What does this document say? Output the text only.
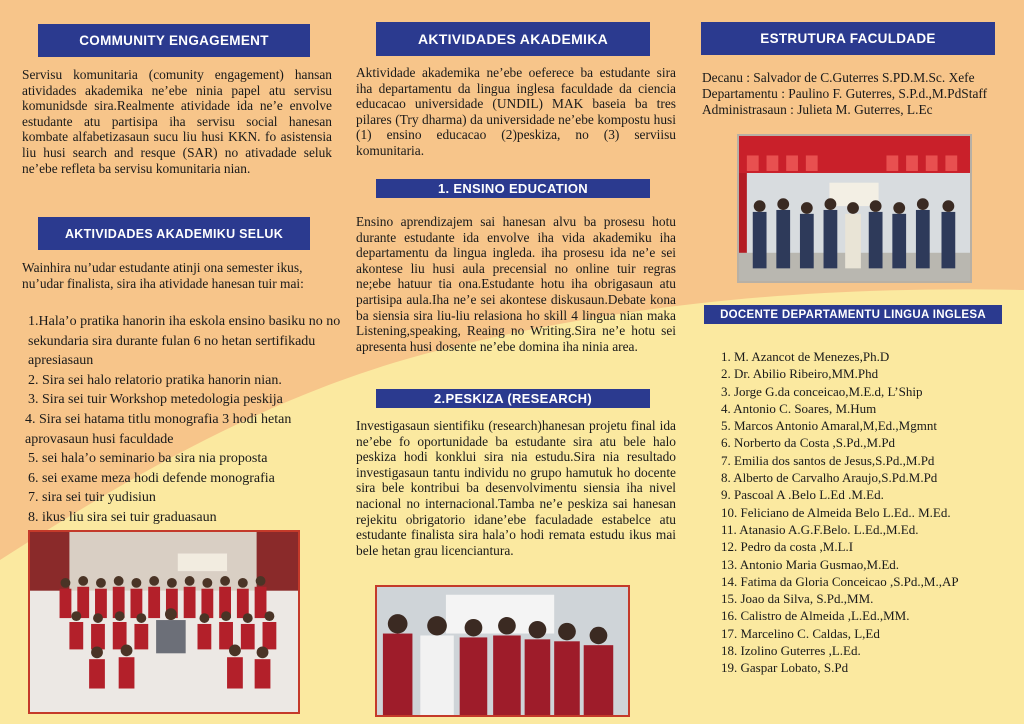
COMMUNITY ENGAGEMENT

Servisu komunitaria (comunity engagement) hansan atividades akademika ne’ebe ninia papel atu servisu komunidsde sira.Realmente atividade ida ne’e envolve estudante atu partisipa iha servisu social hanesan kombate alfabetizasaun sucu liu husi KKN. fo asistensia liu husi search and resque (SAR) no ativadade seluk ne’ebe refleta ba servisu komunitaria nian.

AKTIVIDADES AKADEMIKU SELUK

Wainhira nu’udar estudante atinji ona semester ikus, nu’udar finalista, sira iha atividade hanesan tuir mai:

1.Hala’o pratika hanorin iha eskola ensino basiku no no sekundaria sira durante fulan 6 no hetan sertifikadu apresiasaun
2. Sira sei halo relatorio pratika hanorin nian.
3. Sira sei tuir Workshop metedologia peskija
4. Sira sei hatama titlu monografia 3 hodi hetan aprovasaun husi faculdade
5. sei hala’o seminario ba sira nia proposta
6. sei exame meza hodi defende monografia
7. sira sei tuir yudisiun
8. ikus liu sira sei tuir graduasaun
AKTIVIDADES AKADEMIKA

Aktividade akademika ne’ebe oeferece ba estudante sira iha departamentu da lingua inglesa faculdade da ciencia educacao universidade (UNDIL) MAK baseia ba tres pilares (Try dharma) da universidade ne’ebe kompostu husi (1) ensino educacao (2)peskiza, no (3) serviisu komunitaria.

1. ENSINO EDUCATION

Ensino aprendizajem sai hanesan alvu ba prosesu hotu durante estudante ida envolve iha vida akademiku iha departamentu da lingua ingleda. iha prosesu ida ne’e sei akontese liu husi aula precensial no online tuir regras ne;ebe hatuur tia ona.Estudante hotu iha obrigasaun atu partisipa aula.Iha ne’e sei akontese diskusaun.Debate kona ba siensia sira liu-liu relasiona ho skill 4 lingua nian maka Listening,speaking, Reaing no Writing.Sira ne’e hotu sei apresenta husi dosente ne’ebe domina iha ninia area.

2.PESKIZA (RESEARCH)

Investigasaun sientifiku (research)hanesan projetu final ida ne’ebe fo oportunidade ba estudante sira atu bele halo peskiza hodi konklui sira nia estudu.Sira nia resultado investigasaun tantu individu no grupo hamutuk ho docente sira bele kontribui ba desenvolvimentu siensia iha nivel nacional no internacional.Tamba ne’e peskiza sai hanesan rejekitu obrigatorio idane’ebe faculadade estabelce atu estudante finalista sira hala’o hodi remata estudu ikus mai bele hetan grau licenciantura.

ESTRUTURA FACULDADE
Decanu : Salvador de C.Guterres S.PD.M.Sc. Xefe
Departamentu : Paulino F. Guterres, S.P.d.,M.PdStaff
Administrasaun : Julieta M. Guterres, L.Ec
DOCENTE DEPARTAMENTU LINGUA INGLESA
1. M. Azancot de Menezes,Ph.D
2. Dr. Abilio Ribeiro,MM.Phd
3. Jorge G.da conceicao,M.E.d, L’Ship
4. Antonio C. Soares, M.Hum
5. Marcos Antonio Amaral,M,Ed.,Mgmnt
6. Norberto da Costa ,S.Pd.,M.Pd
7. Emilia dos santos de Jesus,S.Pd.,M.Pd
8. Alberto de Carvalho Araujo,S.Pd.M.Pd
9. Pascoal A .Belo L.Ed .M.Ed.
10. Feliciano de Almeida Belo L.Ed.. M.Ed.
11. Atanasio A.G.F.Belo. L.Ed.,M.Ed.
12. Pedro da costa ,M.L.I
13. Antonio Maria Gusmao,M.Ed.
14. Fatima da Gloria Conceicao ,S.Pd.,M.,AP
15. Joao da Silva, S.Pd.,MM.
16. Calistro de Almeida ,L.Ed.,MM.
17. Marcelino C. Caldas, L,Ed
18. Izolino Guterres ,L.Ed.
19. Gaspar Lobato, S.Pd
